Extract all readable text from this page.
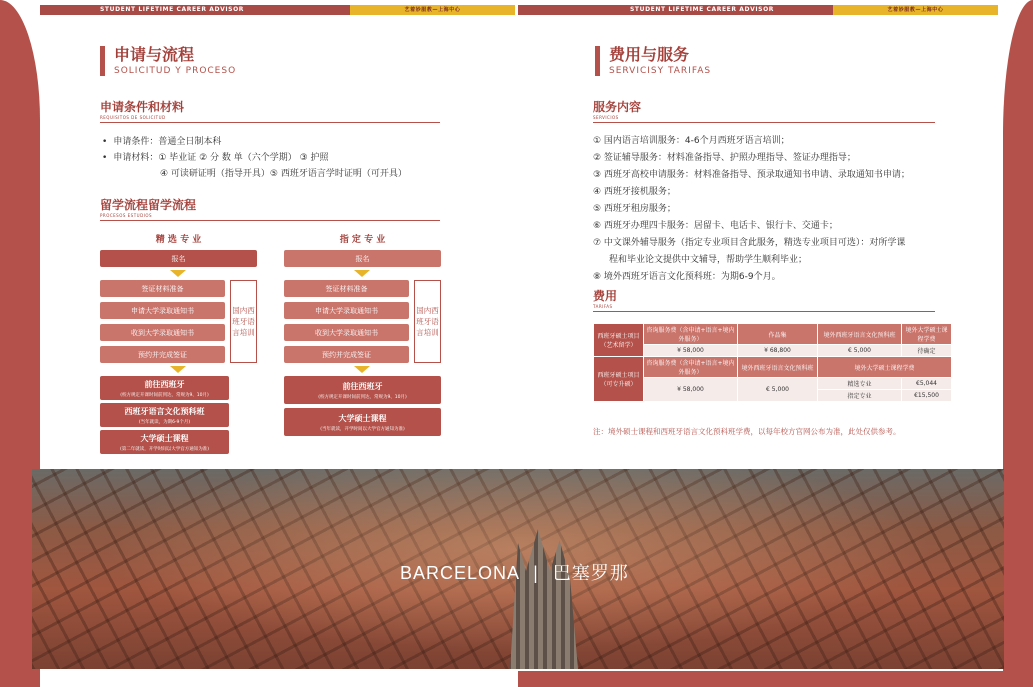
STUDENT LIFETIME CAREER ADVISOR	艺着妙服教—上海中心	STUDENT LIFETIME CAREER ADVISOR	艺着妙服教—上海中心
申请与流程
SOLICITUD Y PROCESO
申请条件和材料
REQUISITOS DE SOLICITUD
• 申请条件：普通全日制本科
• 申请材料：① 毕业证 ② 分 数 单（六个学期） ③ 护照
④ 可读研证明（指导开具）⑤ 西班牙语言学时证明（可开具）
留学流程留学流程
PROCESOS ESTUDIOS
精 选 专 业
报名
签证材料准备
申请大学录取通知书
收到大学录取通知书
预约并完成签证
国内西班牙语言培训
前往西班牙
(校方规定开课时间前到达，常规为9、10月)
西班牙语言文化预科班
(当年就读，为期6-9个月)
大学硕士课程
(第二年就读，开学时间以大学官方通知为准)
指 定 专 业
报名
签证材料准备
申请大学录取通知书
收到大学录取通知书
预约并完成签证
国内西班牙语言培训
前往西班牙
(校方规定开课时间前到达，常规为9、10月)
大学硕士课程
(当年就读，开学时间以大学官方通知为准)
费用与服务
SERVICISY TARIFAS
服务内容
SERVICIOS
① 国内语言培训服务：4-6个月西班牙语言培训；
② 签证辅导服务：材料准备指导、护照办理指导、签证办理指导；
③ 西班牙高校申请服务：材料准备指导、预录取通知书申请、录取通知书申请；
④ 西班牙接机服务；
⑤ 西班牙租房服务；
⑥ 西班牙办理四卡服务：居留卡、电话卡、银行卡、交通卡；
⑦ 中文课外辅导服务（指定专业项目含此服务，精选专业项目可选）：对所学课
程和毕业论文提供中文辅导，帮助学生顺利毕业；
⑧ 境外西班牙语言文化预科班：为期6-9个月。
费用
TARIFAS
西班牙硕士项目（艺术留学）	咨询服务费（含申请+语言+境内外服务）	作品集	境外西班牙语言文化预科班	境外大学硕士课程学费
	¥ 58,000	¥ 68,800	€ 5,000	待确定
西班牙硕士项目（可专升硕）	咨询服务费（含申请+语言+境内外服务）	境外西班牙语言文化预科班	境外大学硕士课程学费	
	¥ 58,000	€ 5,000	精选专业	€5,044
			指定专业	€15,500
注：境外硕士课程和西班牙语言文化预科班学费，以每年校方官网公布为准，此处仅供参考。
BARCELONA | 巴塞罗那
